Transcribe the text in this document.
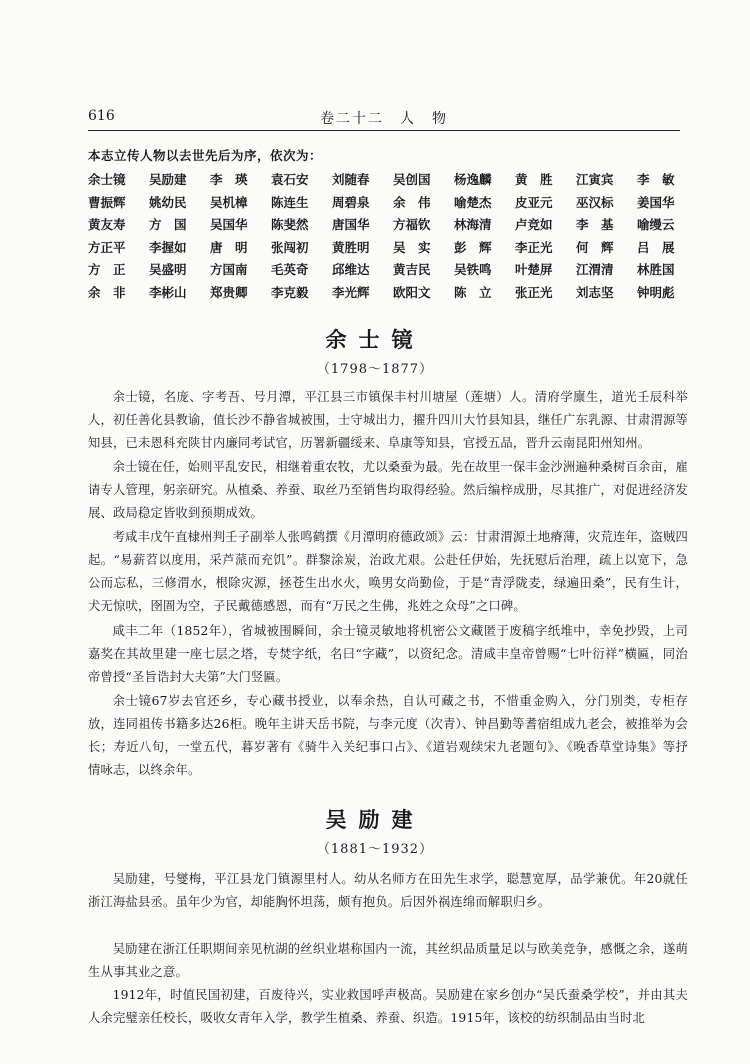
616	卷二十二　人　物
本志立传人物以去世先后为序，依次为：
余士镜	吴励建	李　瑛	袁石安	刘随春	吴创国	杨逸麟	黄　胜	江寅宾	李　敏
曹振辉	姚幼民	吴机樟	陈连生	周碧泉	余　伟	喻楚杰	皮亚元	巫汉标	姜国华
黄友寿	方　国	吴国华	陈斐然	唐国华	方福钦	林海清	卢竞如	李　基	喻缦云
方正平	李握如	唐　明	张闯初	黄胜明	吴　实	彭　辉	李正光	何　辉	吕　展
方　正	吴盛明	方国南	毛英奇	邱维达	黄吉民	吴铁鸣	叶楚屏	江渭清	林胜国
余　非	李彬山	郑贵卿	李克毅	李光辉	欧阳文	陈　立	张正光	刘志坚	钟明彪
余士镜
（1798～1877）

余士镜，名庞、字考吾、号月潭，平江县三市镇保丰村川塘屋（莲塘）人。清府学廪生，道光壬辰科举人，初任善化县教谕，值长沙不静省城被围，士守城出力，擢升四川大竹县知县，继任广东乳源、甘肃渭源等知县，已未恩科充陕甘内廉同考试官，历署新疆绥来、阜康等知县，官授五品，晋升云南昆阳州知州。

余士镜在任，始则平乱安民，相继着重农牧，尤以桑蚕为最。先在故里一保丰金沙洲遍种桑树百余亩，雇请专人管理，躬亲研究。从植桑、养蚕、取丝乃至销售均取得经验。然后编梓成册，尽其推广，对促进经济发展、政局稳定皆收到预期成效。

考咸丰戊午直棣州判壬子副举人张鸣鹤撰《月潭明府德政颂》云：甘肃渭源土地瘠薄，灾荒连年，盗贼四起。“易薪苕以度用，采芦蒎而充饥”。群黎涂炭，治政尤艰。公赴任伊始，先抚慰后治理，疏上以宽下，急公而忘私，三修渭水，根除灾源，拯苍生出水火，唤男女尚勤俭，于是“青浮陇麦，绿遍田桑”，民有生计，犬无惊吠，囹圄为空，子民戴德感恩，而有“万民之生佛，兆姓之众母”之口碑。

咸丰二年（1852年），省城被围瞬间，余士镜灵敏地将机密公文藏匿于废稿字纸堆中，幸免抄毁，上司嘉奖在其故里建一座七层之塔，专焚字纸，名曰“字藏”，以资纪念。清咸丰皇帝曾赐“七叶衍祥”横匾，同治帝曾授“圣旨诰封大夫第”大门竖匾。

余士镜67岁去官还乡，专心藏书授业，以奉余热，自认可藏之书，不惜重金购入，分门别类，专柜存放，连同祖传书籍多达26柜。晚年主讲天岳书院，与李元度（次青）、钟昌勤等耆宿组成九老会，被推举为会长；寿近八旬，一堂五代，暮岁著有《骑牛入关纪事口占》、《道岩观续宋九老题句》、《晚香草堂诗集》等抒情咏志，以终余年。

吴励建
（1881～1932）

吴励建，号燮梅，平江县龙门镇源里村人。幼从名师方在田先生求学，聪慧宽厚，品学兼优。年20就任浙江海盐县丞。虽年少为官，却能胸怀坦荡，颇有抱负。后因外祸连绵而解职归乡。

吴励建在浙江任职期间亲见杭湖的丝织业堪称国内一流，其丝织品质量足以与欧美竞争，感慨之余，遂萌生从事其业之意。

1912年，时值民国初建，百废待兴，实业救国呼声极高。吴励建在家乡创办“吴氏蚕桑学校”，并由其夫人余完璧亲任校长，吸收女青年入学，教学生植桑、养蚕、织造。1915年，该校的纺织制品由当时北
